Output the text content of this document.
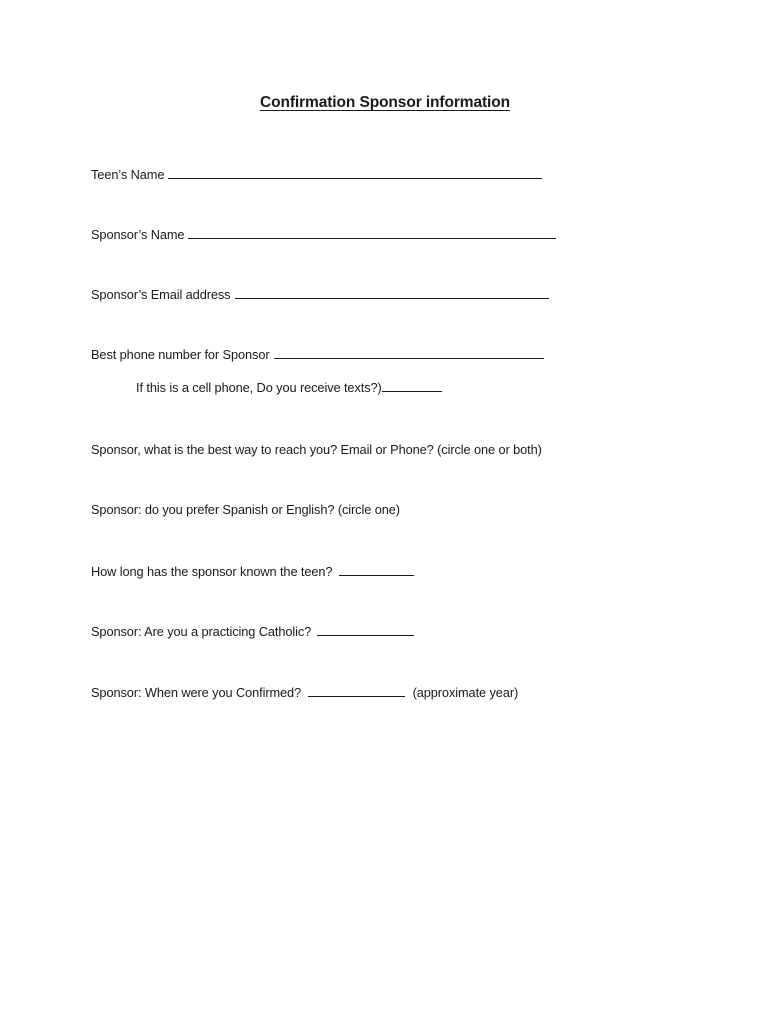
Confirmation Sponsor information
Teen’s Name
Sponsor’s Name
Sponsor’s Email address
Best phone number for Sponsor
If this is a cell phone, Do you receive texts?)
Sponsor, what is the best way to reach you? Email or Phone? (circle one or both)
Sponsor: do you prefer Spanish or English? (circle one)
How long has the sponsor known the teen?
Sponsor: Are you a practicing Catholic?
Sponsor: When were you Confirmed?	(approximate year)
